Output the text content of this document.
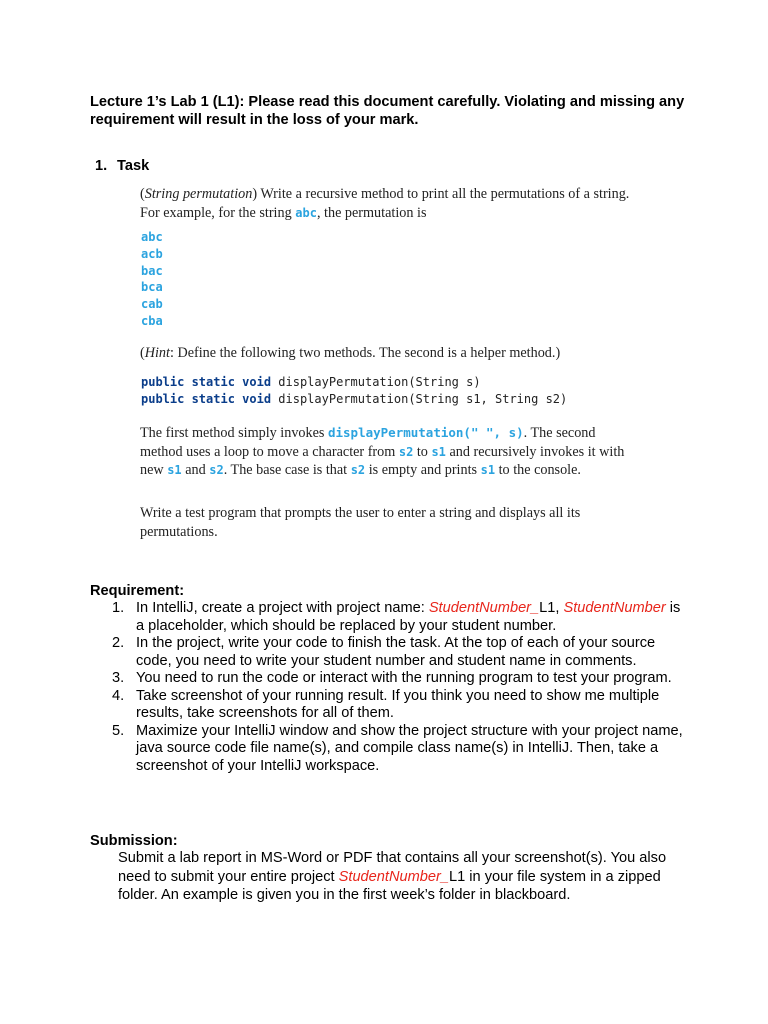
Lecture 1’s Lab 1 (L1): Please read this document carefully. Violating and missing any requirement will result in the loss of your mark.
1. Task
(String permutation) Write a recursive method to print all the permutations of a string. For example, for the string abc, the permutation is
abc
acb
bac
bca
cab
cba
(Hint: Define the following two methods. The second is a helper method.)
public static void displayPermutation(String s)
public static void displayPermutation(String s1, String s2)
The first method simply invokes displayPermutation(" ", s). The second method uses a loop to move a character from s2 to s1 and recursively invokes it with new s1 and s2. The base case is that s2 is empty and prints s1 to the console.
Write a test program that prompts the user to enter a string and displays all its permutations.
Requirement:
1. In IntelliJ, create a project with project name: StudentNumber_L1, StudentNumber is a placeholder, which should be replaced by your student number.
2. In the project, write your code to finish the task. At the top of each of your source code, you need to write your student number and student name in comments.
3. You need to run the code or interact with the running program to test your program.
4. Take screenshot of your running result. If you think you need to show me multiple results, take screenshots for all of them.
5. Maximize your IntelliJ window and show the project structure with your project name, java source code file name(s), and compile class name(s) in IntelliJ. Then, take a screenshot of your IntelliJ workspace.
Submission:
Submit a lab report in MS-Word or PDF that contains all your screenshot(s). You also need to submit your entire project StudentNumber_L1 in your file system in a zipped folder. An example is given you in the first week’s folder in blackboard.
